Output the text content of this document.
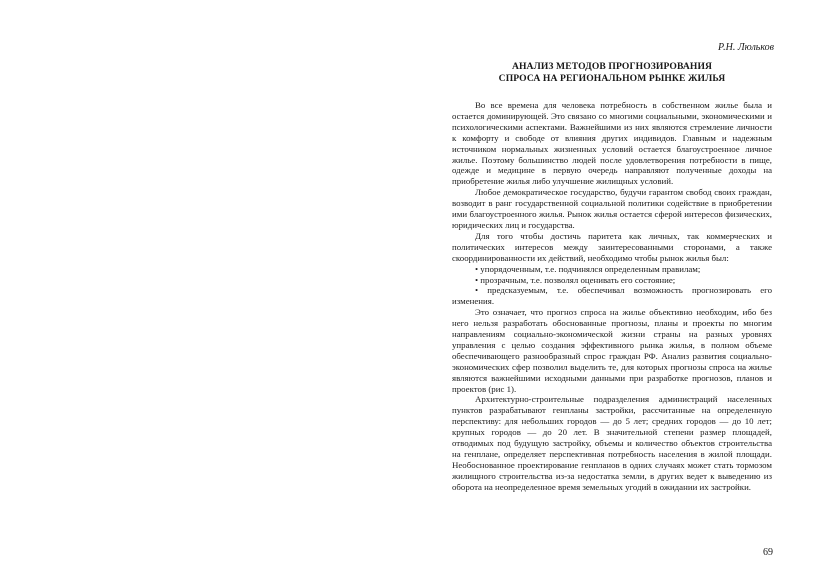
Р.Н. Люльков

АНАЛИЗ МЕТОДОВ ПРОГНОЗИРОВАНИЯ
СПРОСА НА РЕГИОНАЛЬНОМ РЫНКЕ ЖИЛЬЯ

Во все времена для человека потребность в собственном жилье была и остается доминирующей. Это связано со многими социальными, экономическими и психологическими аспектами. Важнейшими из них являются стремление личности к комфорту и свободе от влияния других индивидов. Главным и надежным источником нормальных жизненных условий остается благоустроенное личное жилье. Поэтому большинство людей после удовлетворения потребности в пище, одежде и медицине в первую очередь направляют полученные доходы на приобретение жилья либо улучшение жилищных условий.

Любое демократическое государство, будучи гарантом свобод своих граждан, возводит в ранг государственной социальной политики содействие в приобретении ими благоустроенного жилья. Рынок жилья остается сферой интересов физических, юридических лиц и государства.

Для того чтобы достичь паритета как личных, так коммерческих и политических интересов между заинтересованными сторонами, а также скоординированности их действий, необходимо чтобы рынок жилья был:

• упорядоченным, т.е. подчинялся определенным правилам;

• прозрачным, т.е. позволял оценивать его состояние;

• предсказуемым, т.е. обеспечивал возможность прогнозировать его изменения.

Это означает, что прогноз спроса на жилье объективно необходим, ибо без него нельзя разработать обоснованные прогнозы, планы и проекты по многим направлениям социально-экономической жизни страны на разных уровнях управления с целью создания эффективного рынка жилья, в полном объеме обеспечивающего разнообразный спрос граждан РФ. Анализ развития социально-экономических сфер позволил выделить те, для которых прогнозы спроса на жилье являются важнейшими исходными данными при разработке прогнозов, планов и проектов (рис 1).

Архитектурно-строительные подразделения администраций населенных пунктов разрабатывают генпланы застройки, рассчитанные на определенную перспективу: для небольших городов — до 5 лет; средних городов — до 10 лет; крупных городов — до 20 лет. В значительной степени размер площадей, отводимых под будущую застройку, объемы и количество объектов строительства на генплане, определяет перспективная потребность населения в жилой площади. Необоснованное проектирование генпланов в одних случаях может стать тормозом жилищного строительства из-за недостатка земли, в других ведет к выведению из оборота на неопределенное время земельных угодий в ожидании их застройки.

69
